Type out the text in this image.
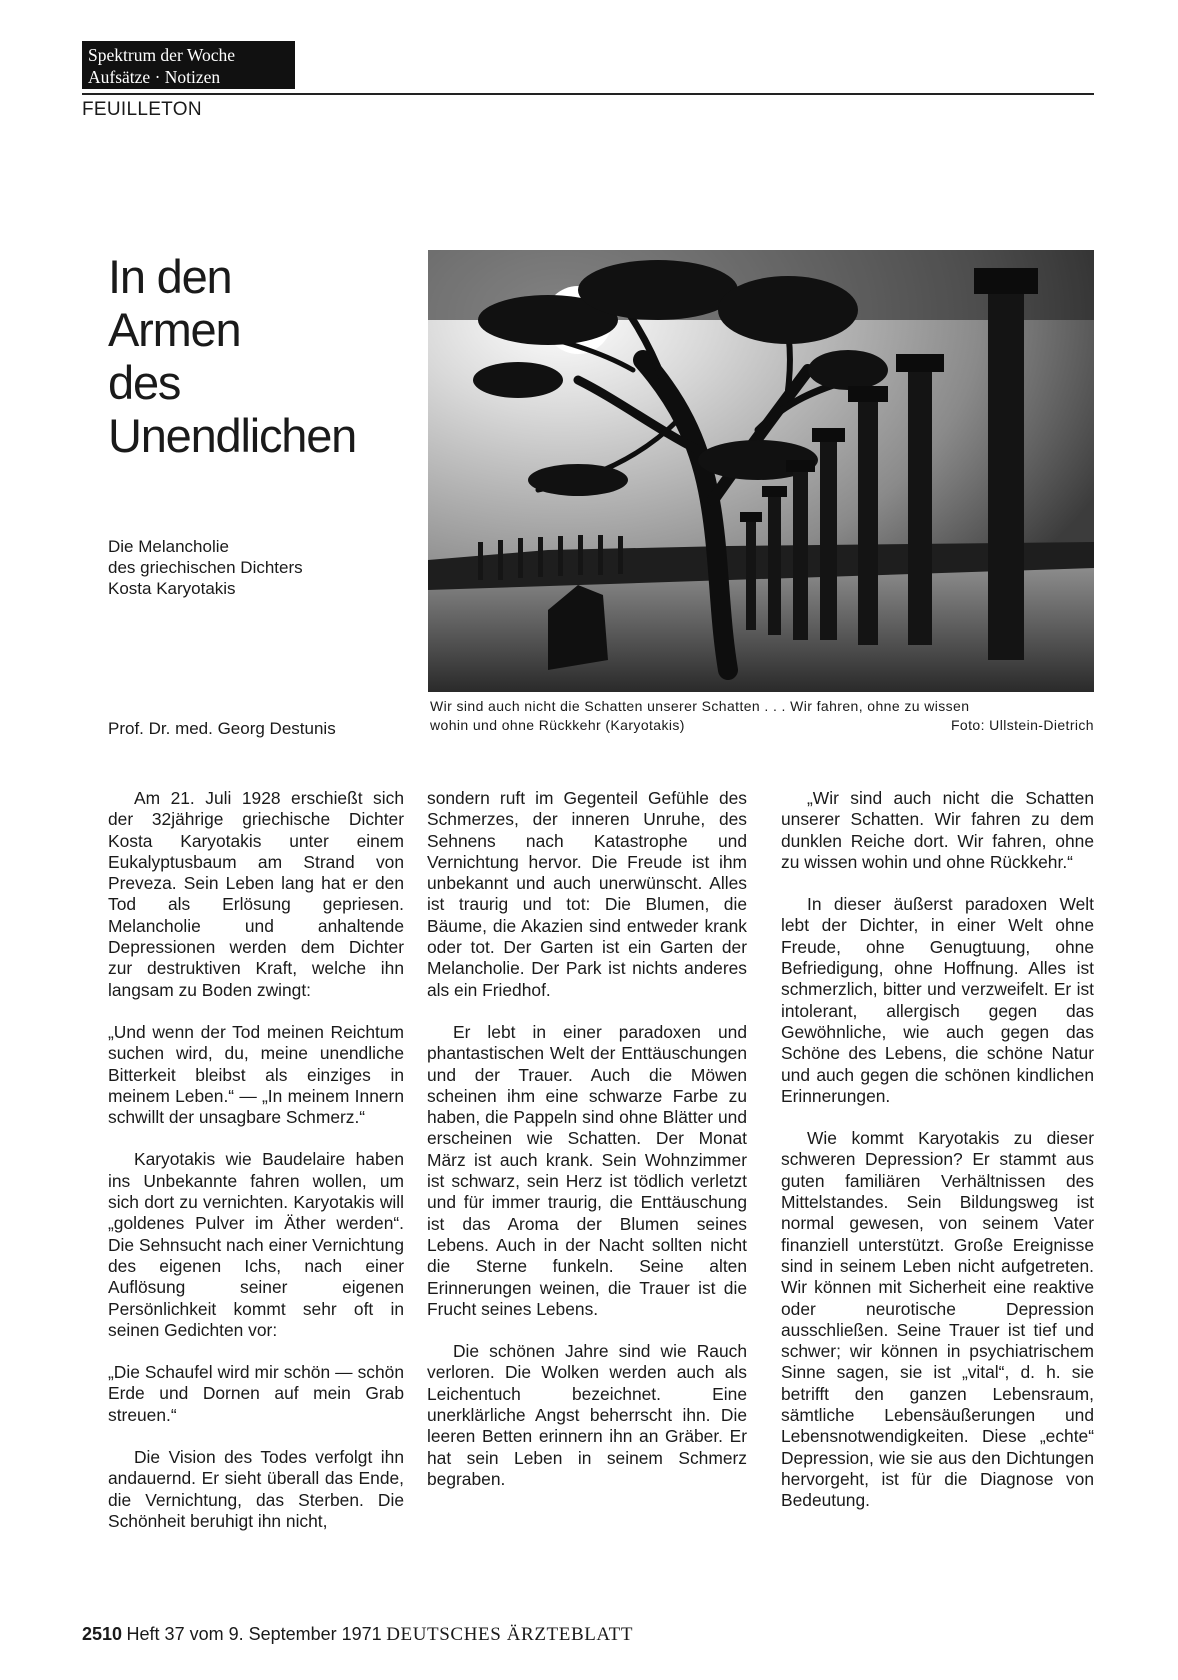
Spektrum der Woche
Aufsätze · Notizen
FEUILLETON
In den
Armen
des
Unendlichen
Die Melancholie
des griechischen Dichters
Kosta Karyotakis
Prof. Dr. med. Georg Destunis
Wir sind auch nicht die Schatten unserer Schatten . . . Wir fahren, ohne zu wissen
wohin und ohne Rückkehr (Karyotakis)	Foto: Ullstein-Dietrich

Am 21. Juli 1928 erschießt sich der 32jährige griechische Dichter Kosta Karyotakis unter einem Eukalyptusbaum am Strand von Preveza. Sein Leben lang hat er den Tod als Erlösung gepriesen. Melancholie und anhaltende Depressionen werden dem Dichter zur destruktiven Kraft, welche ihn langsam zu Boden zwingt:

„Und wenn der Tod meinen Reichtum suchen wird, du, meine unendliche Bitterkeit bleibst als einziges in meinem Leben.“ — „In meinem Innern schwillt der unsagbare Schmerz.“

Karyotakis wie Baudelaire haben ins Unbekannte fahren wollen, um sich dort zu vernichten. Karyotakis will „goldenes Pulver im Äther werden“. Die Sehnsucht nach einer Vernichtung des eigenen Ichs, nach einer Auflösung seiner eigenen Persönlichkeit kommt sehr oft in seinen Gedichten vor:

„Die Schaufel wird mir schön — schön Erde und Dornen auf mein Grab streuen.“

Die Vision des Todes verfolgt ihn andauernd. Er sieht überall das Ende, die Vernichtung, das Sterben. Die Schönheit beruhigt ihn nicht,

sondern ruft im Gegenteil Gefühle des Schmerzes, der inneren Unruhe, des Sehnens nach Katastrophe und Vernichtung hervor. Die Freude ist ihm unbekannt und auch unerwünscht. Alles ist traurig und tot: Die Blumen, die Bäume, die Akazien sind entweder krank oder tot. Der Garten ist ein Garten der Melancholie. Der Park ist nichts anderes als ein Friedhof.

Er lebt in einer paradoxen und phantastischen Welt der Enttäuschungen und der Trauer. Auch die Möwen scheinen ihm eine schwarze Farbe zu haben, die Pappeln sind ohne Blätter und erscheinen wie Schatten. Der Monat März ist auch krank. Sein Wohnzimmer ist schwarz, sein Herz ist tödlich verletzt und für immer traurig, die Enttäuschung ist das Aroma der Blumen seines Lebens. Auch in der Nacht sollten nicht die Sterne funkeln. Seine alten Erinnerungen weinen, die Trauer ist die Frucht seines Lebens.

Die schönen Jahre sind wie Rauch verloren. Die Wolken werden auch als Leichentuch bezeichnet. Eine unerklärliche Angst beherrscht ihn. Die leeren Betten erinnern ihn an Gräber. Er hat sein Leben in seinem Schmerz begraben.

„Wir sind auch nicht die Schatten unserer Schatten. Wir fahren zu dem dunklen Reiche dort. Wir fahren, ohne zu wissen wohin und ohne Rückkehr.“

In dieser äußerst paradoxen Welt lebt der Dichter, in einer Welt ohne Freude, ohne Genugtuung, ohne Befriedigung, ohne Hoffnung. Alles ist schmerzlich, bitter und verzweifelt. Er ist intolerant, allergisch gegen das Gewöhnliche, wie auch gegen das Schöne des Lebens, die schöne Natur und auch gegen die schönen kindlichen Erinnerungen.

Wie kommt Karyotakis zu dieser schweren Depression? Er stammt aus guten familiären Verhältnissen des Mittelstandes. Sein Bildungsweg ist normal gewesen, von seinem Vater finanziell unterstützt. Große Ereignisse sind in seinem Leben nicht aufgetreten. Wir können mit Sicherheit eine reaktive oder neurotische Depression ausschließen. Seine Trauer ist tief und schwer; wir können in psychiatrischem Sinne sagen, sie ist „vital“, d. h. sie betrifft den ganzen Lebensraum, sämtliche Lebensäußerungen und Lebensnotwendigkeiten. Diese „echte“ Depression, wie sie aus den Dichtungen hervorgeht, ist für die Diagnose von Bedeutung.

2510 Heft 37 vom 9. September 1971 DEUTSCHES ÄRZTEBLATT
